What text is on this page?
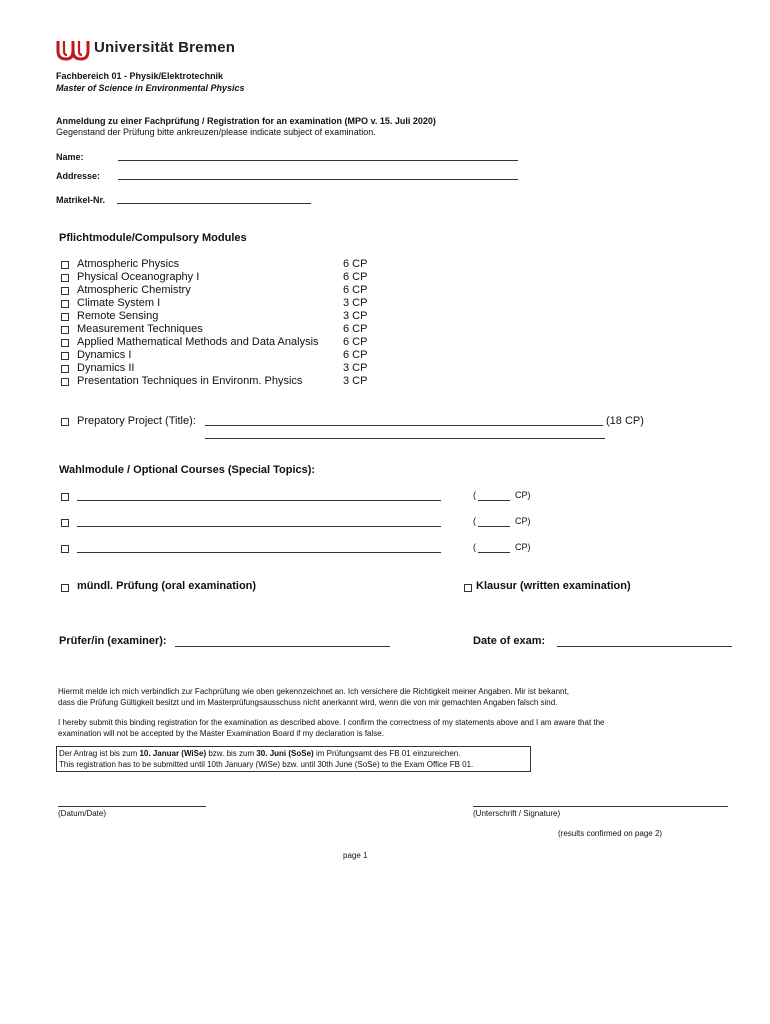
Universität Bremen
Fachbereich 01 - Physik/Elektrotechnik
Master of Science in Environmental Physics
Anmeldung zu einer Fachprüfung / Registration for an examination (MPO v. 15. Juli 2020)
Gegenstand der Prüfung bitte ankreuzen/please indicate subject of examination.
Name:
Addresse:
Matrikel-Nr.
Pflichtmodule/Compulsory Modules
Atmospheric Physics	6 CP
Physical Oceanography I	6 CP
Atmospheric Chemistry	6 CP
Climate System I	3 CP
Remote Sensing	3 CP
Measurement Techniques	6 CP
Applied Mathematical Methods and Data Analysis 6 CP
Dynamics I	6 CP
Dynamics II	3 CP
Presentation Techniques in Environm. Physics	3 CP
Prepatory Project (Title):	(18 CP)
Wahlmodule / Optional Courses (Special Topics):
(	CP)
(	CP)
(	CP)
mündl. Prüfung (oral examination)	Klausur (written examination)
Prüfer/in (examiner):	Date of exam:
Hiermit melde ich mich verbindlich zur Fachprüfung wie oben gekennzeichnet an. Ich versichere die Richtigkeit meiner Angaben. Mir ist bekannt,
dass die Prüfung Gültigkeit besitzt und im Masterprüfungsausschuss nicht anerkannt wird, wenn die von mir gemachten Angaben falsch sind.
I hereby submit this binding registration for the examination as described above. I confirm the correctness of my statements above and I am aware that the
examination will not be accepted by the Master Examination Board if my declaration is false.
Der Antrag ist bis zum 10. Januar (WiSe) bzw. bis zum 30. Juni (SoSe) im Prüfungsamt des FB 01 einzureichen.
This registration has to be submitted until 10th January (WiSe) bzw. until 30th June (SoSe) to the Exam Office FB 01.
(Datum/Date)	(Unterschrift / Signature)
(results confirmed on page 2)
page 1
